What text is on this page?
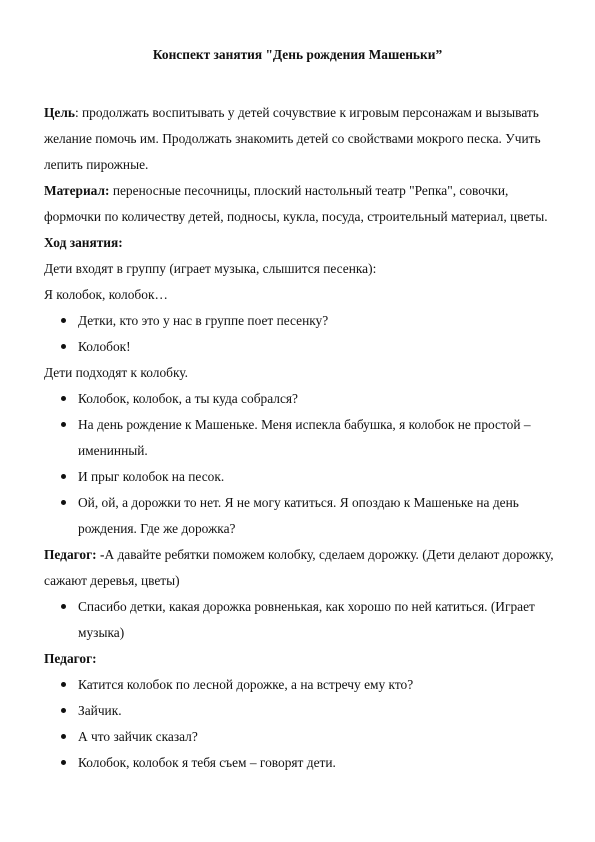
Конспект занятия "День рождения Машеньки”

Цель: продолжать воспитывать у детей сочувствие к игровым персонажам и вызывать желание помочь им. Продолжать знакомить детей со свойствами мокрого песка. Учить лепить пирожные.

Материал: переносные песочницы, плоский настольный театр "Репка", совочки, формочки по количеству детей, подносы, кукла, посуда, строительный материал, цветы.

Ход занятия:

Дети входят в группу (играет музыка, слышится песенка):

Я колобок, колобок…

Детки, кто это у нас в группе поет песенку?
Колобок!

Дети подходят к колобку.

Колобок, колобок, а ты куда собрался?
На день рождение к Машеньке. Меня испекла бабушка, я колобок не простой – именинный.
И прыг колобок на песок.
Ой, ой, а дорожки то нет. Я не могу катиться. Я опоздаю к Машеньке на день рождения. Где же дорожка?

Педагог: -А давайте ребятки поможем колобку, сделаем дорожку. (Дети делают дорожку, сажают деревья, цветы)

Спасибо детки, какая дорожка ровненькая, как хорошо по ней катиться. (Играет музыка)

Педагог:

Катится колобок по лесной дорожке, а на встречу ему кто?
Зайчик.
А что зайчик сказал?
Колобок, колобок я тебя съем – говорят дети.
